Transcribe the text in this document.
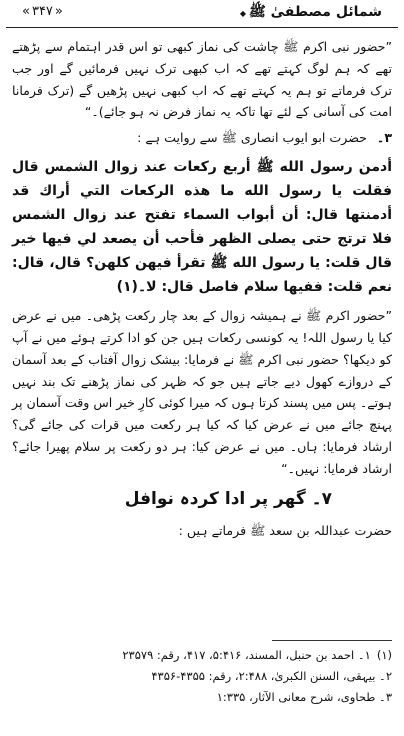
« ۳۴۷ »	شمائل مصطفیٰ ﷺ ◆

”حضور نبی اکرم ﷺ چاشت کی نماز کبھی تو اس قدر اہتمام سے پڑھتے تھے کہ ہم لوگ کہتے تھے کہ اب کبھی ترک نہیں فرمائیں گے اور جب ترک فرماتے تو ہم یہ کہتے تھے کہ اب کبھی نہیں پڑھیں گے (ترک فرمانا امت کی آسانی کے لئے تھا تاکہ یہ نماز فرض نہ ہو جائے)۔“

۳۔حضرت ابو ایوب انصاری ﷺ سے روایت ہے :

أدمن رسول الله ﷺ أربع ركعات عند زوال الشمس قال فقلت يا رسول الله ما هذه الركعات التي أراك قد أدمنتها قال: أن أبواب السماء تفتح عند زوال الشمس فلا ترتج حتى يصلى الظهر فأحب أن يصعد لي فيها خير قال قلت: يا رسول الله ﷺ تقرأ فيهن كلهن؟ قال، قال: نعم قلت: ففيها سلام فاصل قال: لا۔(۱)

”حضور اکرم ﷺ نے ہمیشہ زوال کے بعد چار رکعت پڑھی۔ میں نے عرض کیا یا رسول اللہ! یہ کونسی رکعات ہیں جن کو ادا کرتے ہوئے میں نے آپ کو دیکھا؟ حضور نبی اکرم ﷺ نے فرمایا: بیشک زوال آفتاب کے بعد آسمان کے دروازے کھول دیے جاتے ہیں جو کہ ظہر کی نماز پڑھنے تک بند نہیں ہوتے۔ پس میں پسند کرتا ہوں کہ میرا کوئی کارِ خیر اس وقت آسمان پر پہنچ جائے میں نے عرض کیا کہ کیا ہر رکعت میں قرات کی جائے گی؟ ارشاد فرمایا: ہاں۔ میں نے عرض کیا: ہر دو رکعت پر سلام پھیرا جائے؟ ارشاد فرمایا: نہیں۔“

۷۔ گھر پر ادا کردہ نوافل

حضرت عبداللہ بن سعد ﷺ فرماتے ہیں :

(۱)۱۔ احمد بن حنبل، المسند، ۵:۴۱۶، ۴۱۷، رقم: ۲۳۵۷۹
۲۔ بیہقی، السنن الکبریٰ، ۲:۴۸۸، رقم: ۴۳۵۵-۴۳۵۶
۳۔ طحاوی، شرح معانی الآثار، ۱:۳۳۵
